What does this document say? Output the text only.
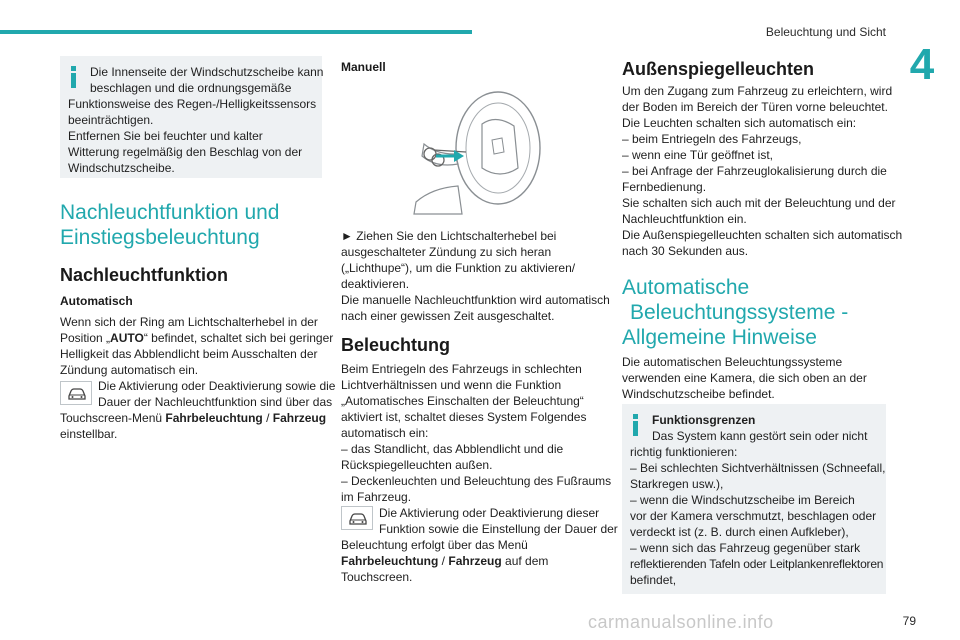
Beleuchtung und Sicht
4
Die Innenseite der Windschutzscheibe kann
beschlagen und die ordnungsgemäße
Funktionsweise des Regen-/Helligkeitssensors
beeinträchtigen.
Entfernen Sie bei feuchter und kalter
Witterung regelmäßig den Beschlag von der
Windschutzscheibe.
Nachleuchtfunktion und
Einstiegsbeleuchtung
Nachleuchtfunktion
Automatisch
Wenn sich der Ring am Lichtschalterhebel in der
Position „AUTO“ befindet, schaltet sich bei geringer
Helligkeit das Abblendlicht beim Ausschalten der
Zündung automatisch ein.
Die Aktivierung oder Deaktivierung sowie die
Dauer der Nachleuchtfunktion sind über das
Touchscreen-Menü Fahrbeleuchtung / Fahrzeug
einstellbar.
Manuell
► Ziehen Sie den Lichtschalterhebel bei
ausgeschalteter Zündung zu sich heran
(„Lichthupe“), um die Funktion zu aktivieren/
deaktivieren.
Die manuelle Nachleuchtfunktion wird automatisch
nach einer gewissen Zeit ausgeschaltet.
Beleuchtung
Beim Entriegeln des Fahrzeugs in schlechten
Lichtverhältnissen und wenn die Funktion
„Automatisches Einschalten der Beleuchtung“
aktiviert ist, schaltet dieses System Folgendes
automatisch ein:
– das Standlicht, das Abblendlicht und die
Rückspiegelleuchten außen.
– Deckenleuchten und Beleuchtung des Fußraums
im Fahrzeug.
Die Aktivierung oder Deaktivierung dieser
Funktion sowie die Einstellung der Dauer der
Beleuchtung erfolgt über das Menü
Fahrbeleuchtung / Fahrzeug auf dem
Touchscreen.
Außenspiegelleuchten
Um den Zugang zum Fahrzeug zu erleichtern, wird
der Boden im Bereich der Türen vorne beleuchtet.
Die Leuchten schalten sich automatisch ein:
– beim Entriegeln des Fahrzeugs,
– wenn eine Tür geöffnet ist,
– bei Anfrage der Fahrzeuglokalisierung durch die
Fernbedienung.
Sie schalten sich auch mit der Beleuchtung und der
Nachleuchtfunktion ein.
Die Außenspiegelleuchten schalten sich automatisch
nach 30 Sekunden aus.
Automatische
Beleuchtungssysteme -
Allgemeine Hinweise
Die automatischen Beleuchtungssysteme
verwenden eine Kamera, die sich oben an der
Windschutzscheibe befindet.
Funktionsgrenzen
Das System kann gestört sein oder nicht
richtig funktionieren:
– Bei schlechten Sichtverhältnissen (Schneefall,
Starkregen usw.),
– wenn die Windschutzscheibe im Bereich
vor der Kamera verschmutzt, beschlagen oder
verdeckt ist (z. B. durch einen Aufkleber),
– wenn sich das Fahrzeug gegenüber stark
reflektierenden Tafeln oder Leitplankenreflektoren
befindet,
carmanualsonline.info	79
